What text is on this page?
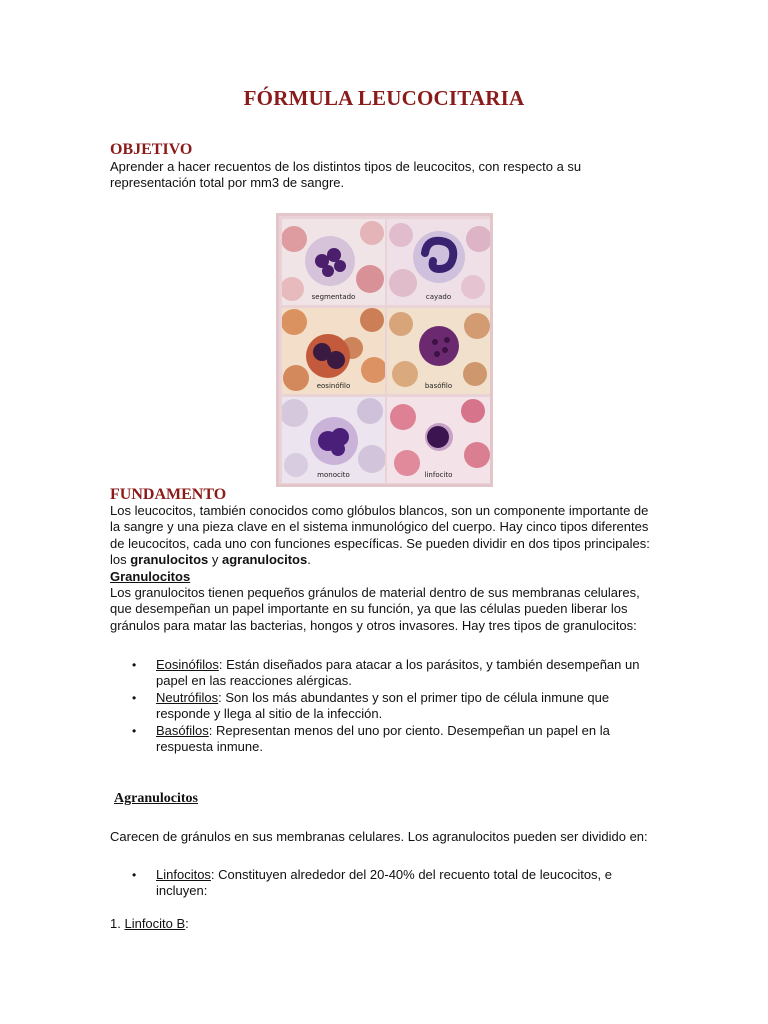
FÓRMULA LEUCOCITARIA
OBJETIVO
Aprender a hacer recuentos de los distintos tipos de leucocitos, con respecto a su
representación total por mm3 de sangre.
segmentado	cayado
eosinófilo	basófilo
monocito	linfocito
FUNDAMENTO
Los leucocitos, también conocidos como glóbulos blancos, son un componente importante de
la sangre y una pieza clave en el sistema inmunológico del cuerpo. Hay cinco tipos diferentes
de leucocitos, cada uno con funciones específicas. Se pueden dividir en dos tipos principales:
los granulocitos y agranulocitos.
Granulocitos
Los granulocitos tienen pequeños gránulos de material dentro de sus membranas celulares,
que desempeñan un papel importante en su función, ya que las células pueden liberar los
gránulos para matar las bacterias, hongos y otros invasores. Hay tres tipos de granulocitos:
• Eosinófilos: Están diseñados para atacar a los parásitos, y también desempeñan un
papel en las reacciones alérgicas.
• Neutrófilos: Son los más abundantes y son el primer tipo de célula inmune que
responde y llega al sitio de la infección.
• Basófilos: Representan menos del uno por ciento. Desempeñan un papel en la
respuesta inmune.
Agranulocitos
Carecen de gránulos en sus membranas celulares. Los agranulocitos pueden ser dividido en:
• Linfocitos: Constituyen alrededor del 20-40% del recuento total de leucocitos, e
incluyen:
1. Linfocito B:
